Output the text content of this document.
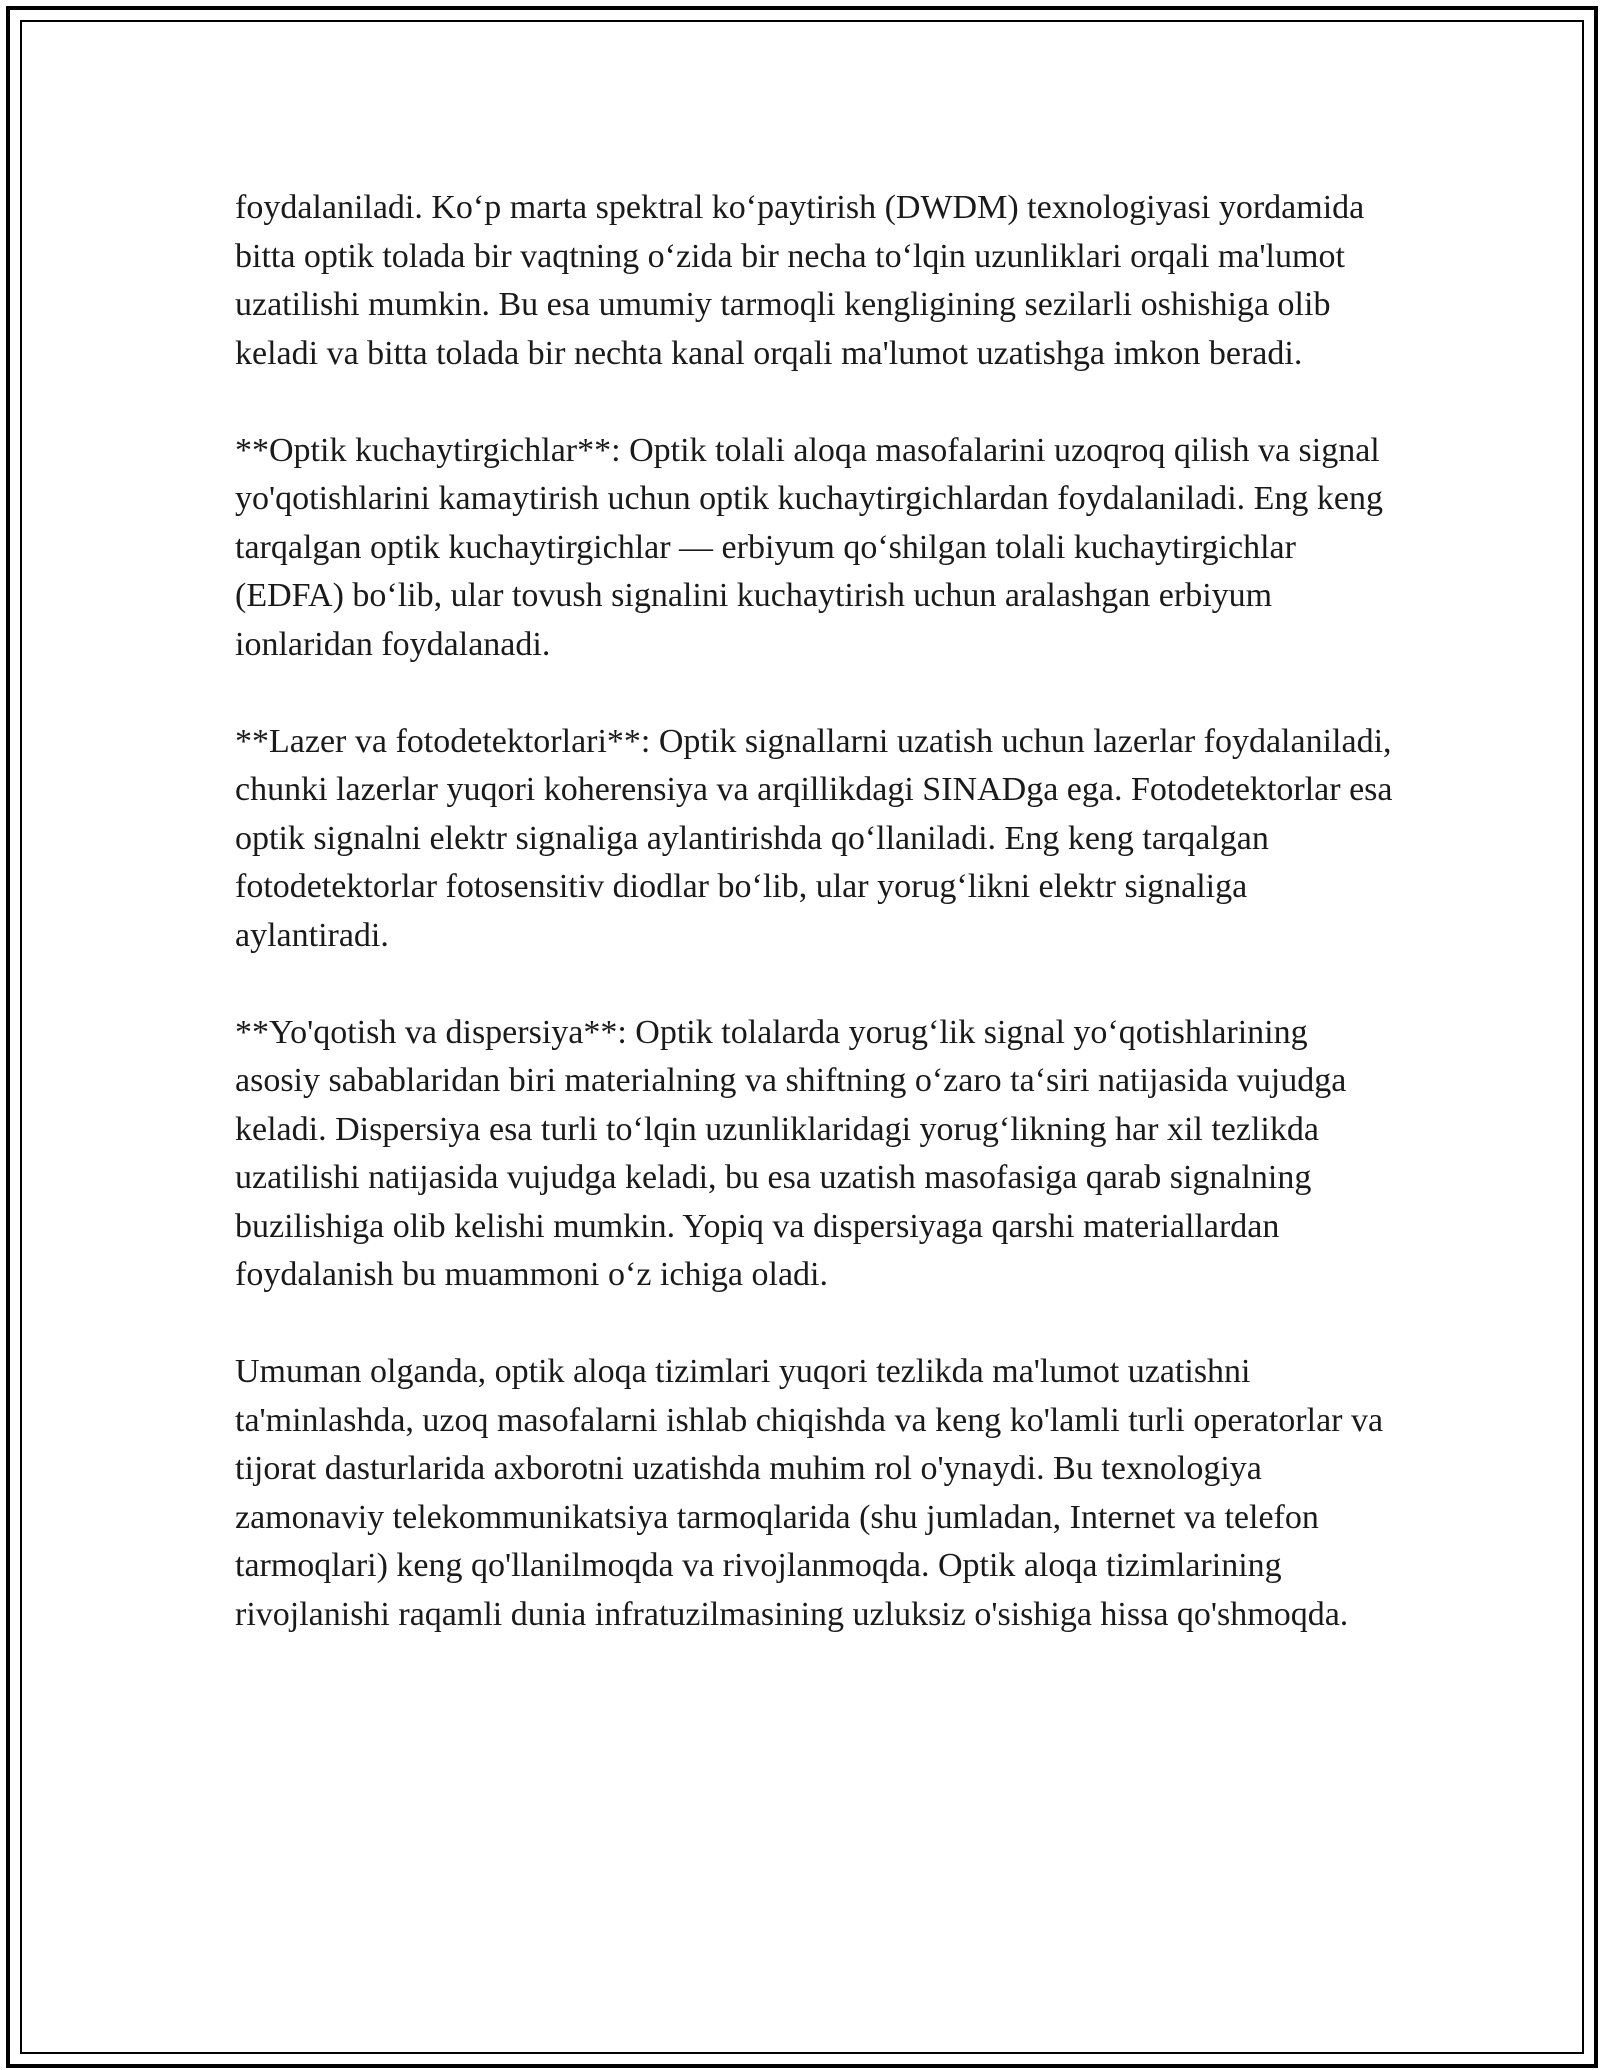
foydalaniladi. Ko‘p marta spektral ko‘paytirish (DWDM) texnologiyasi yordamida bitta optik tolada bir vaqtning o‘zida bir necha to‘lqin uzunliklari orqali ma'lumot uzatilishi mumkin. Bu esa umumiy tarmoqli kengligining sezilarli oshishiga olib keladi va bitta tolada bir nechta kanal orqali ma'lumot uzatishga imkon beradi.

**Optik kuchaytirgichlar**: Optik tolali aloqa masofalarini uzoqroq qilish va signal yo'qotishlarini kamaytirish uchun optik kuchaytirgichlardan foydalaniladi. Eng keng tarqalgan optik kuchaytirgichlar — erbiyum qo‘shilgan tolali kuchaytirgichlar (EDFA) bo‘lib, ular tovush signalini kuchaytirish uchun aralashgan erbiyum ionlaridan foydalanadi.

**Lazer va fotodetektorlari**: Optik signallarni uzatish uchun lazerlar foydalaniladi, chunki lazerlar yuqori koherensiya va arqillikdagi SINADga ega. Fotodetektorlar esa optik signalni elektr signaliga aylantirishda qo‘llaniladi. Eng keng tarqalgan fotodetektorlar fotosensitiv diodlar bo‘lib, ular yorug‘likni elektr signaliga aylantiradi.

**Yo'qotish va dispersiya**: Optik tolalarda yorug‘lik signal yo‘qotishlarining asosiy sabablaridan biri materialning va shiftning o‘zaro ta‘siri natijasida vujudga keladi. Dispersiya esa turli to‘lqin uzunliklaridagi yorug‘likning har xil tezlikda uzatilishi natijasida vujudga keladi, bu esa uzatish masofasiga qarab signalning buzilishiga olib kelishi mumkin. Yopiq va dispersiyaga qarshi materiallardan foydalanish bu muammoni o‘z ichiga oladi.

Umuman olganda, optik aloqa tizimlari yuqori tezlikda ma'lumot uzatishni ta'minlashda, uzoq masofalarni ishlab chiqishda va keng ko'lamli turli operatorlar va tijorat dasturlarida axborotni uzatishda muhim rol o'ynaydi. Bu texnologiya zamonaviy telekommunikatsiya tarmoqlarida (shu jumladan, Internet va telefon tarmoqlari) keng qo'llanilmoqda va rivojlanmoqda. Optik aloqa tizimlarining rivojlanishi raqamli dunia infratuzilmasining uzluksiz o'sishiga hissa qo'shmoqda.
